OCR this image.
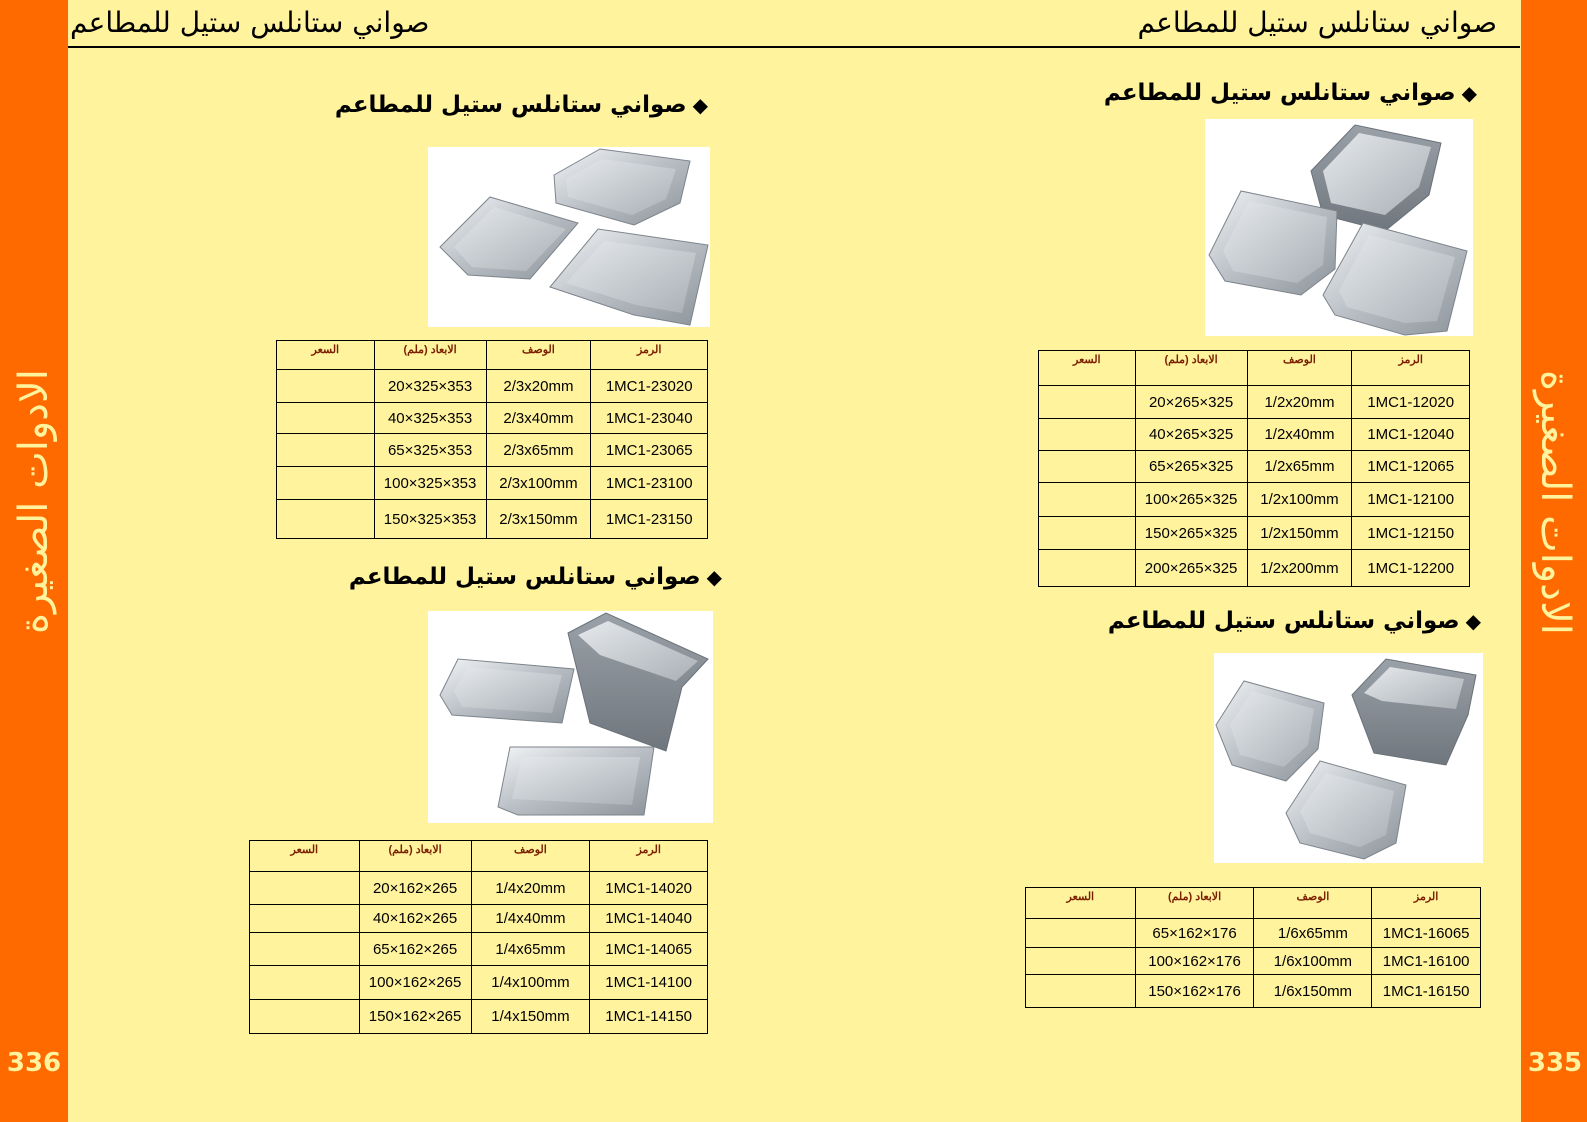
الادوات الصغيرة
336
الادوات الصغيرة
335
صواني ستانلس ستيل للمطاعم	صواني ستانلس ستيل للمطاعم
◆صواني ستانلس ستيل للمطاعم
السعر	الابعاد (ملم)	الوصف	الرمز
	20×325×353	2/3x20mm	1MC1-23020
	40×325×353	2/3x40mm	1MC1-23040
	65×325×353	2/3x65mm	1MC1-23065
	100×325×353	2/3x100mm	1MC1-23100
	150×325×353	2/3x150mm	1MC1-23150
◆صواني ستانلس ستيل للمطاعم
السعر	الابعاد (ملم)	الوصف	الرمز
	20×162×265	1/4x20mm	1MC1-14020
	40×162×265	1/4x40mm	1MC1-14040
	65×162×265	1/4x65mm	1MC1-14065
	100×162×265	1/4x100mm	1MC1-14100
	150×162×265	1/4x150mm	1MC1-14150
◆صواني ستانلس ستيل للمطاعم
السعر	الابعاد (ملم)	الوصف	الرمز
	20×265×325	1/2x20mm	1MC1-12020
	40×265×325	1/2x40mm	1MC1-12040
	65×265×325	1/2x65mm	1MC1-12065
	100×265×325	1/2x100mm	1MC1-12100
	150×265×325	1/2x150mm	1MC1-12150
	200×265×325	1/2x200mm	1MC1-12200
◆صواني ستانلس ستيل للمطاعم
السعر	الابعاد (ملم)	الوصف	الرمز
	65×162×176	1/6x65mm	1MC1-16065
	100×162×176	1/6x100mm	1MC1-16100
	150×162×176	1/6x150mm	1MC1-16150
